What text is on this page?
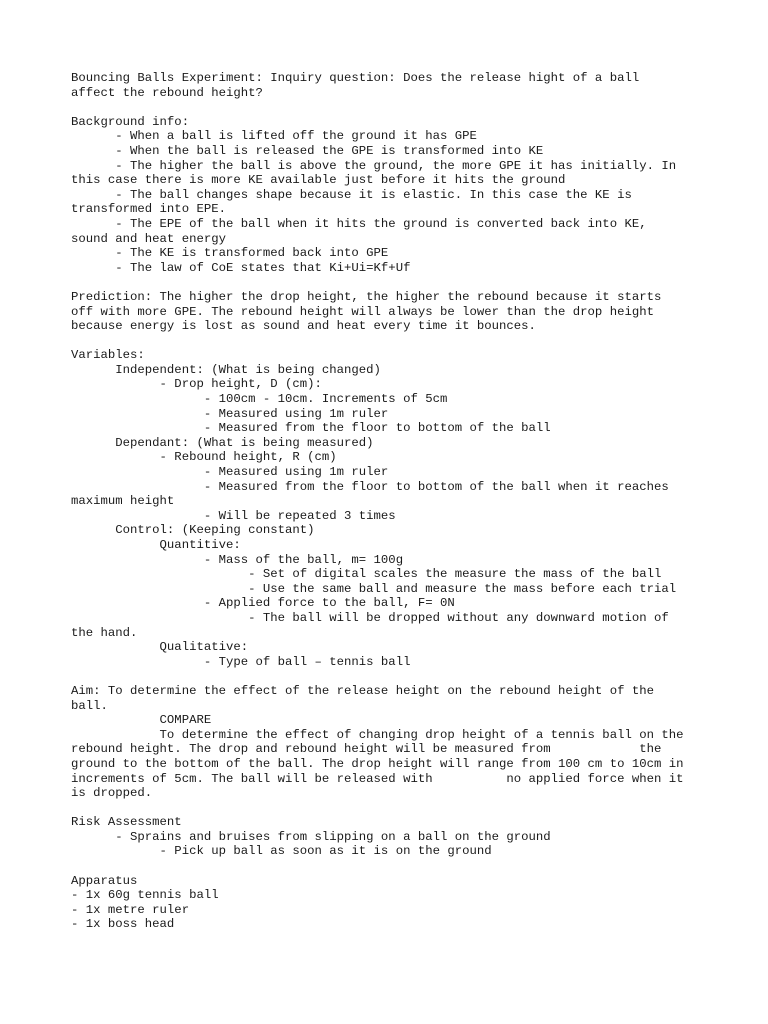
Bouncing Balls Experiment: Inquiry question: Does the release hight of a ball
affect the rebound height?
Background info:
- When a ball is lifted off the ground it has GPE
- When the ball is released the GPE is transformed into KE
- The higher the ball is above the ground, the more GPE it has initially. In
this case there is more KE available just before it hits the ground
- The ball changes shape because it is elastic. In this case the KE is
transformed into EPE.
- The EPE of the ball when it hits the ground is converted back into KE,
sound and heat energy
- The KE is transformed back into GPE
- The law of CoE states that Ki+Ui=Kf+Uf
Prediction: The higher the drop height, the higher the rebound because it starts
off with more GPE. The rebound height will always be lower than the drop height
because energy is lost as sound and heat every time it bounces.
Variables:
Independent: (What is being changed)
- Drop height, D (cm):
- 100cm - 10cm. Increments of 5cm
- Measured using 1m ruler
- Measured from the floor to bottom of the ball
Dependant: (What is being measured)
- Rebound height, R (cm)
- Measured using 1m ruler
- Measured from the floor to bottom of the ball when it reaches
maximum height
- Will be repeated 3 times
Control: (Keeping constant)
Quantitive:
- Mass of the ball, m= 100g
- Set of digital scales the measure the mass of the ball
- Use the same ball and measure the mass before each trial
- Applied force to the ball, F= 0N
- The ball will be dropped without any downward motion of
the hand.
Qualitative:
- Type of ball – tennis ball
Aim: To determine the effect of the release height on the rebound height of the
ball.
COMPARE
To determine the effect of changing drop height of a tennis ball on the
rebound height. The drop and rebound height will be measured from            the
ground to the bottom of the ball. The drop height will range from 100 cm to 10cm in
increments of 5cm. The ball will be released with          no applied force when it
is dropped.
Risk Assessment
- Sprains and bruises from slipping on a ball on the ground
- Pick up ball as soon as it is on the ground
Apparatus
- 1x 60g tennis ball
- 1x metre ruler
- 1x boss head
